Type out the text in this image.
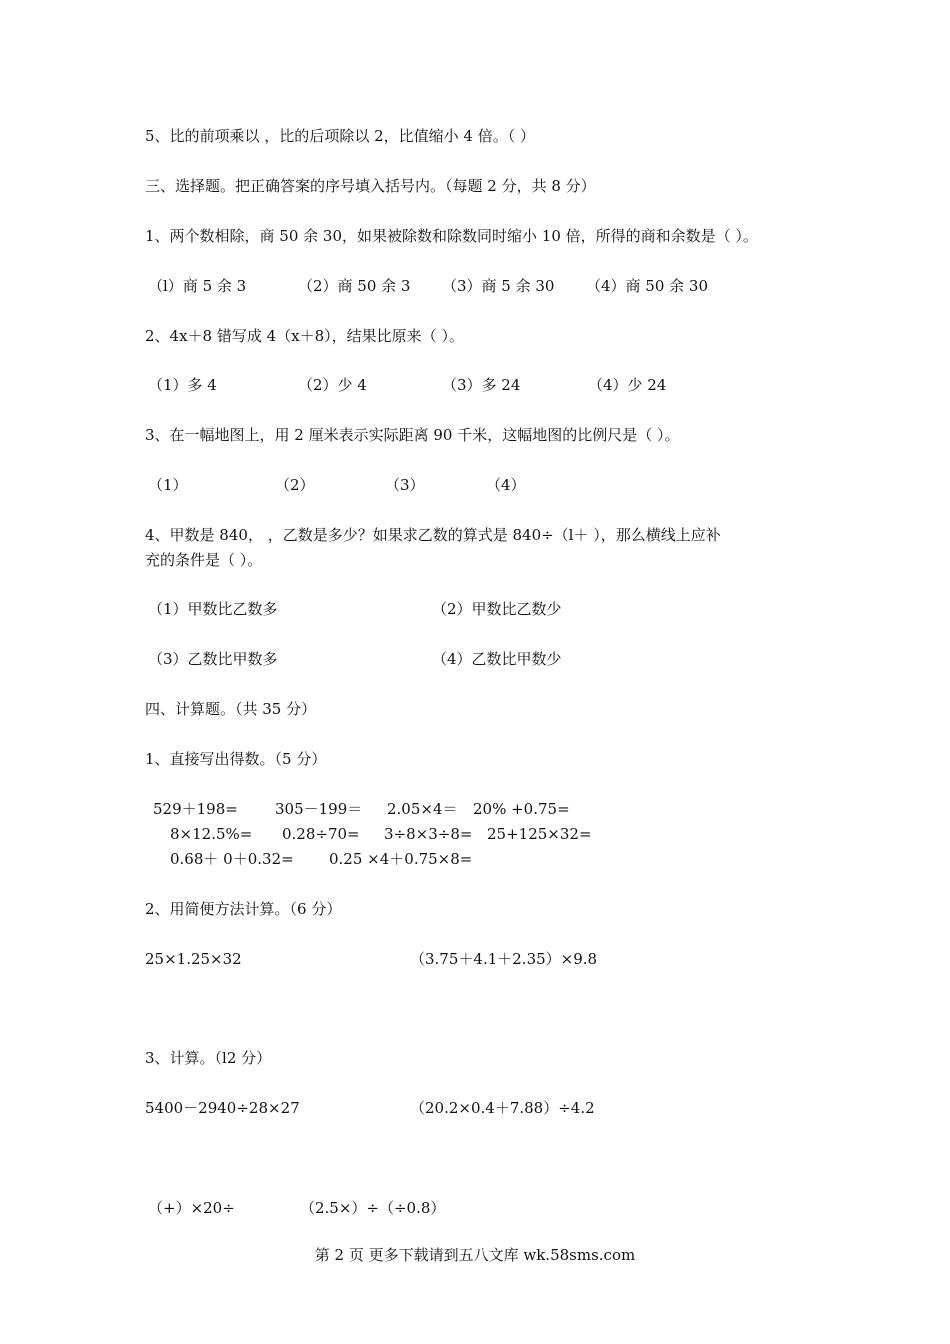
5、比的前项乘以 ，比的后项除以 2，比值缩小 4 倍。（ ）
三、选择题。把正确答案的序号填入括号内。（每题 2 分，共 8 分）
1、两个数相除，商 50 余 30，如果被除数和除数同时缩小 10 倍，所得的商和余数是（ ）。
（l）商 5 余 3	（2）商 50 余 3 （3）商 5 余 30 （4）商 50 余 30
2、4x＋8 错写成 4（x＋8），结果比原来（ ）。
（1）多 4	（2）少 4	（3）多 24	（4）少 24
3、在一幅地图上，用 2 厘米表示实际距离 90 千米，这幅地图的比例尺是（ ）。
（1）	（2）	（3）	（4）
4、甲数是 840， ，乙数是多少？如果求乙数的算式是 840÷（l＋ ），那么横线上应补
充的条件是（ ）。
（1）甲数比乙数多	（2）甲数比乙数少
（3）乙数比甲数多	（4）乙数比甲数少
四、计算题。（共 35 分）
1、直接写出得数。（5 分）
529＋198= 305－199＝ 2.05×4＝ 20% +0.75=
8×12.5%= 0.28÷70= 3÷8×3÷8= 25+125×32=
0.68＋ 0＋0.32= 0.25 ×4＋0.75×8=
2、用简便方法计算。（6 分）
25×1.25×32	（3.75＋4.1＋2.35）×9.8
3、计算。（l2 分）
5400－2940÷28×27	（20.2×0.4＋7.88）÷4.2
（+）×20÷	（2.5×）÷（÷0.8）
第 2 页 更多下载请到五八文库 wk.58sms.com
